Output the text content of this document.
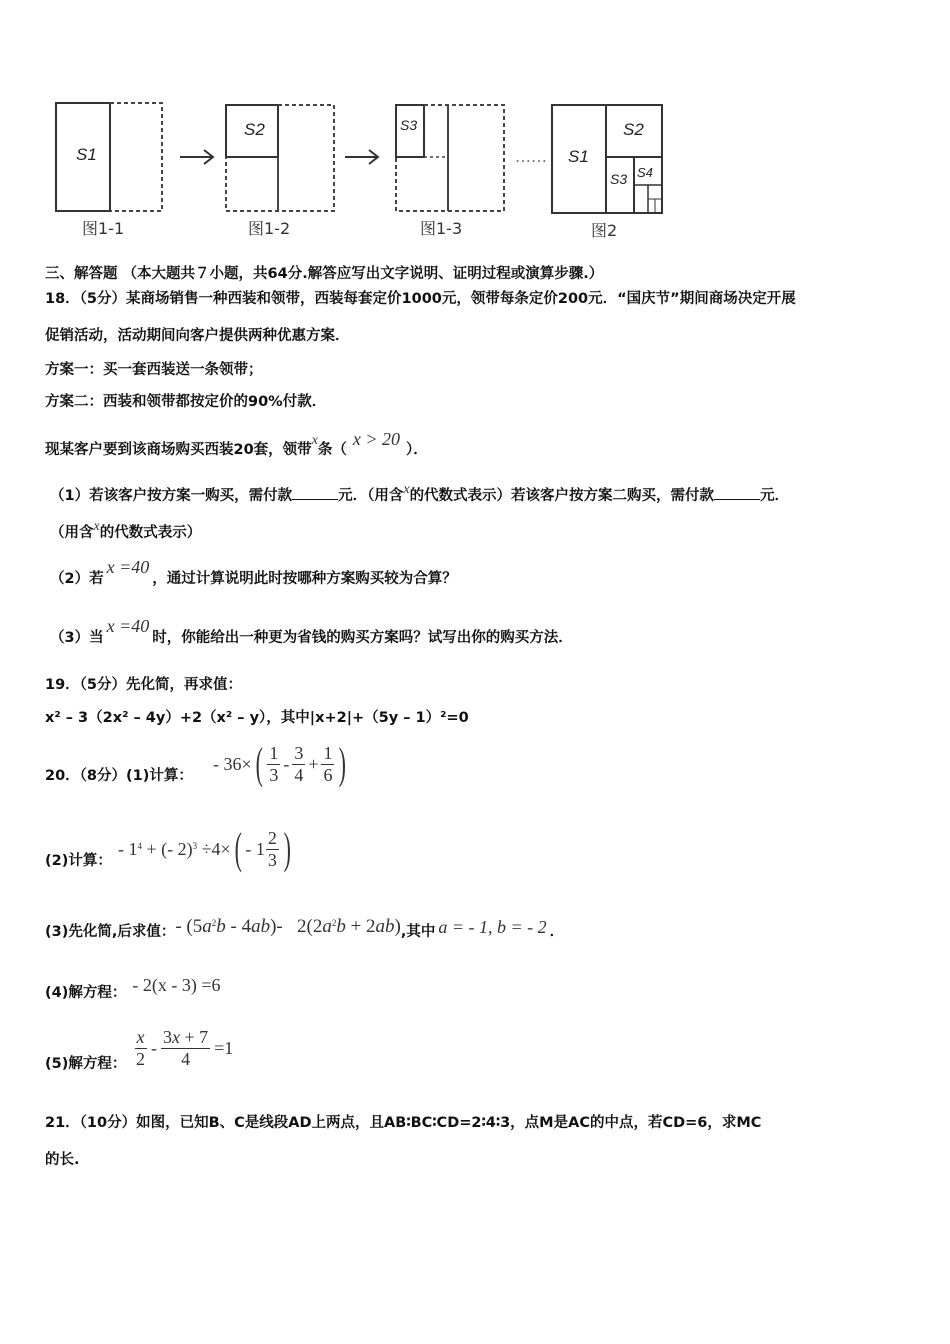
S1
S2	S3
S1
S2
S3 S4
……
图1-1	图1-2	图1-3	图2
三、解答题 （本大题共７小题，共64分.解答应写出文字说明、证明过程或演算步骤.）
18．（5分）某商场销售一种西装和领带，西装每套定价1000元，领带每条定价200元．“国庆节”期间商场决定开展
促销活动，活动期间向客户提供两种优惠方案．
方案一：买一套西装送一条领带；
方案二：西装和领带都按定价的90%付款．
现某客户要到该商场购买西装20套，领带x条（x > 20）．
（1）若该客户按方案一购买，需付款	元．（用含x的代数式表示）若该客户按方案二购买，需付款	元．
（用含x的代数式表示）
（2）若x =40，通过计算说明此时按哪种方案购买较为合算？
（3）当x =40时，你能给出一种更为省钱的购买方案吗？试写出你的购买方法．
19．（5分）先化简，再求值：
x² – 3（2x² – 4y）+2（x² – y），其中|x+2|+（5y – 1）²=0
20．（8分）(1)计算：
- 36× ( $\frac{1}{3} - \frac{3}{4} + \frac{1}{6}$ )
(2)计算：
- $1^4$ + (- 2)$^3$ ÷4× ( - $1 \frac{2}{3}$ )
(3)先化简,后求值：- $(5a^2b - 4ab)-$   $2(2a^2b + 2ab)$,其中 a = - 1, b = - 2 ．
(4)解方程： - 2(x - 3) =6
(5)解方程： $\frac{x}{2} - \frac{3x + 7}{4} =1$
21．（10分）如图，已知B、C是线段AD上两点，且AB∶BC∶CD=2∶4∶3，点M是AC的中点，若CD=6，求MC
的长.
